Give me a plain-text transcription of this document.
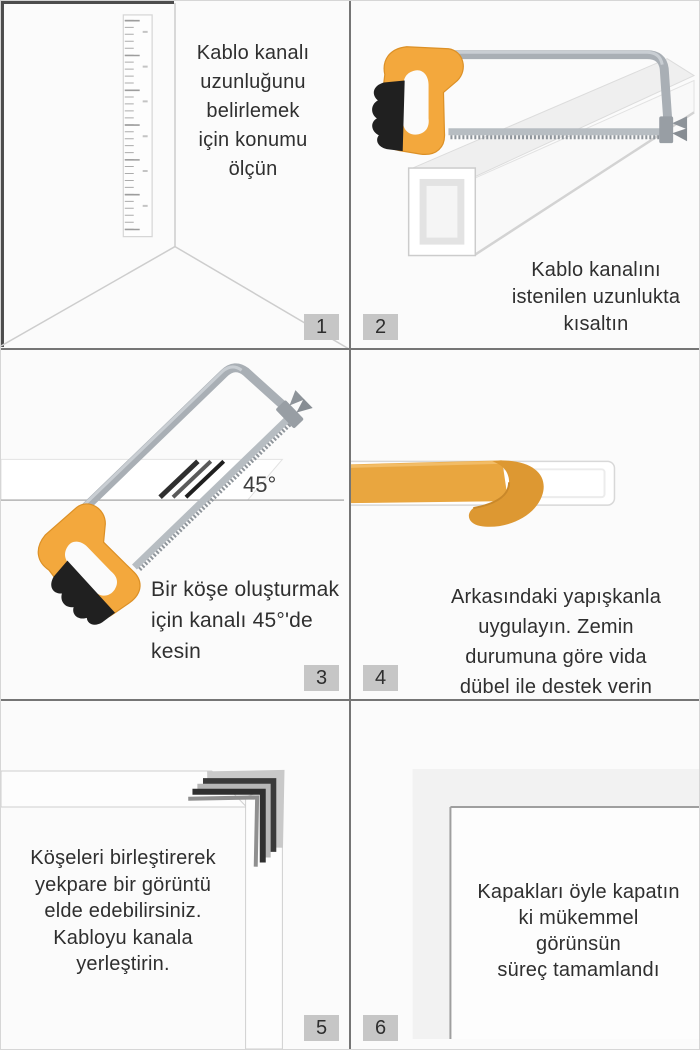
Kablo kanalı
uzunluğunu
belirlemek
için konumu
ölçün
1
Kablo kanalını
istenilen uzunlukta
kısaltın
2
45°
Bir köşe oluşturmak
için kanalı 45°'de
kesin
3
Arkasındaki yapışkanla
uygulayın. Zemin
durumuna göre vida
dübel ile destek verin
4
Köşeleri birleştirerek
yekpare bir görüntü
elde edebilirsiniz.
Kabloyu kanala
yerleştirin.
5
Kapakları öyle kapatın
ki mükemmel
görünsün
süreç tamamlandı
6
